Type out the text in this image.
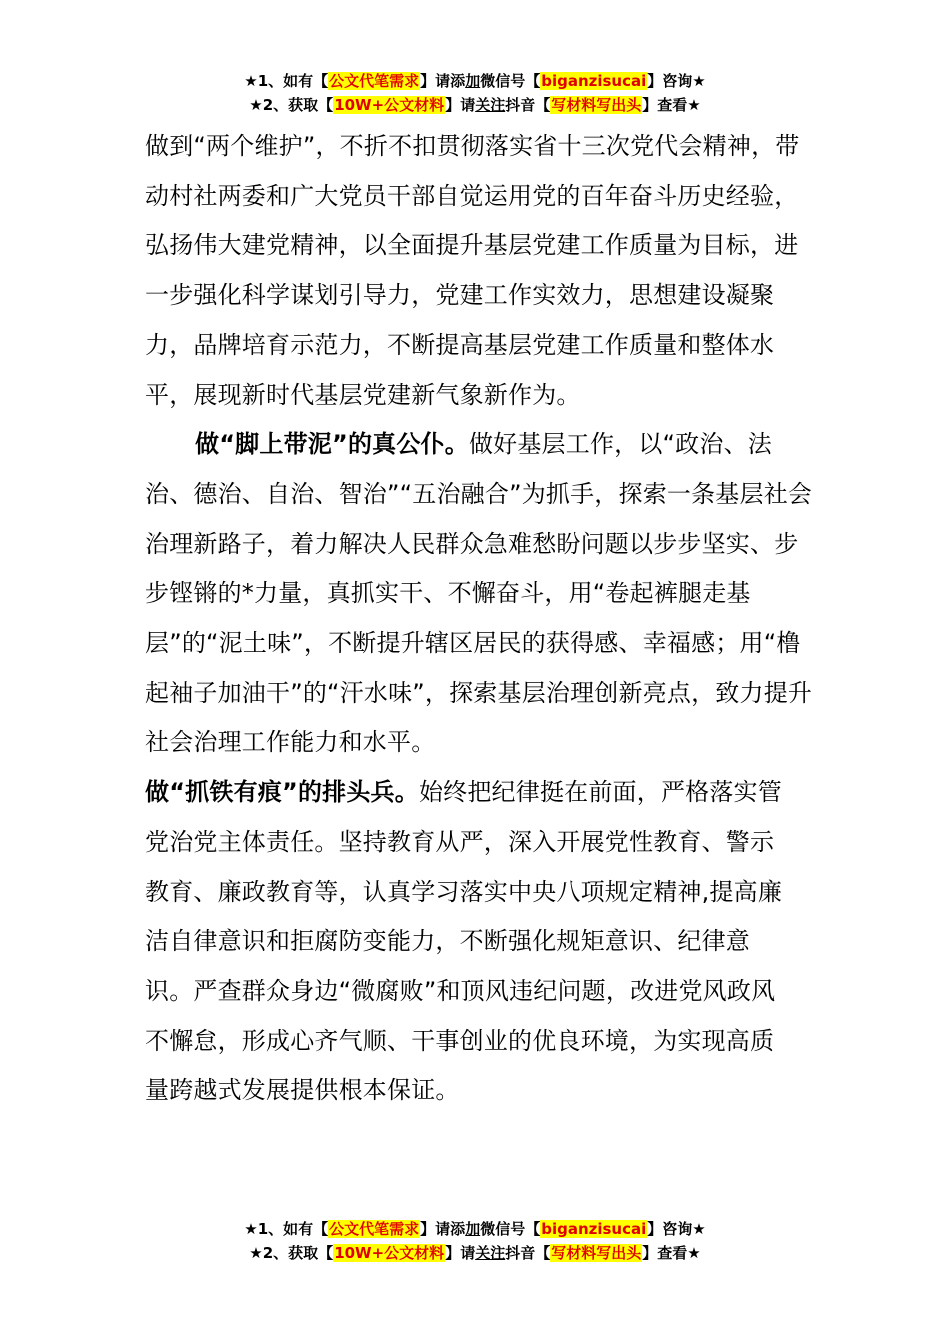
★1、如有【公文代笔需求】请添加微信号【biganzisucai】咨询★
★2、获取【10W+公文材料】请关注抖音【写材料写出头】查看★

做到“两个维护”，不折不扣贯彻落实省十三次党代会精神，带动村社两委和广大党员干部自觉运用党的百年奋斗历史经验，弘扬伟大建党精神，以全面提升基层党建工作质量为目标，进一步强化科学谋划引导力，党建工作实效力，思想建设凝聚力，品牌培育示范力，不断提高基层党建工作质量和整体水平，展现新时代基层党建新气象新作为。

做“脚上带泥”的真公仆。做好基层工作，以“政治、法治、德治、自治、智治”“五治融合”为抓手，探索一条基层社会治理新路子，着力解决人民群众急难愁盼问题以步步坚实、步步铿锵的*力量，真抓实干、不懈奋斗，用“卷起裤腿走基层”的“泥土味”，不断提升辖区居民的获得感、幸福感；用“橹起袖子加油干”的“汗水味”，探索基层治理创新亮点，致力提升社会治理工作能力和水平。

做“抓铁有痕”的排头兵。始终把纪律挺在前面，严格落实管党治党主体责任。坚持教育从严，深入开展党性教育、警示教育、廉政教育等，认真学习落实中央八项规定精神,提高廉洁自律意识和拒腐防变能力，不断强化规矩意识、纪律意识。严查群众身边“微腐败”和顶风违纪问题，改进党风政风不懈怠，形成心齐气顺、干事创业的优良环境，为实现高质量跨越式发展提供根本保证。

★1、如有【公文代笔需求】请添加微信号【biganzisucai】咨询★
★2、获取【10W+公文材料】请关注抖音【写材料写出头】查看★
